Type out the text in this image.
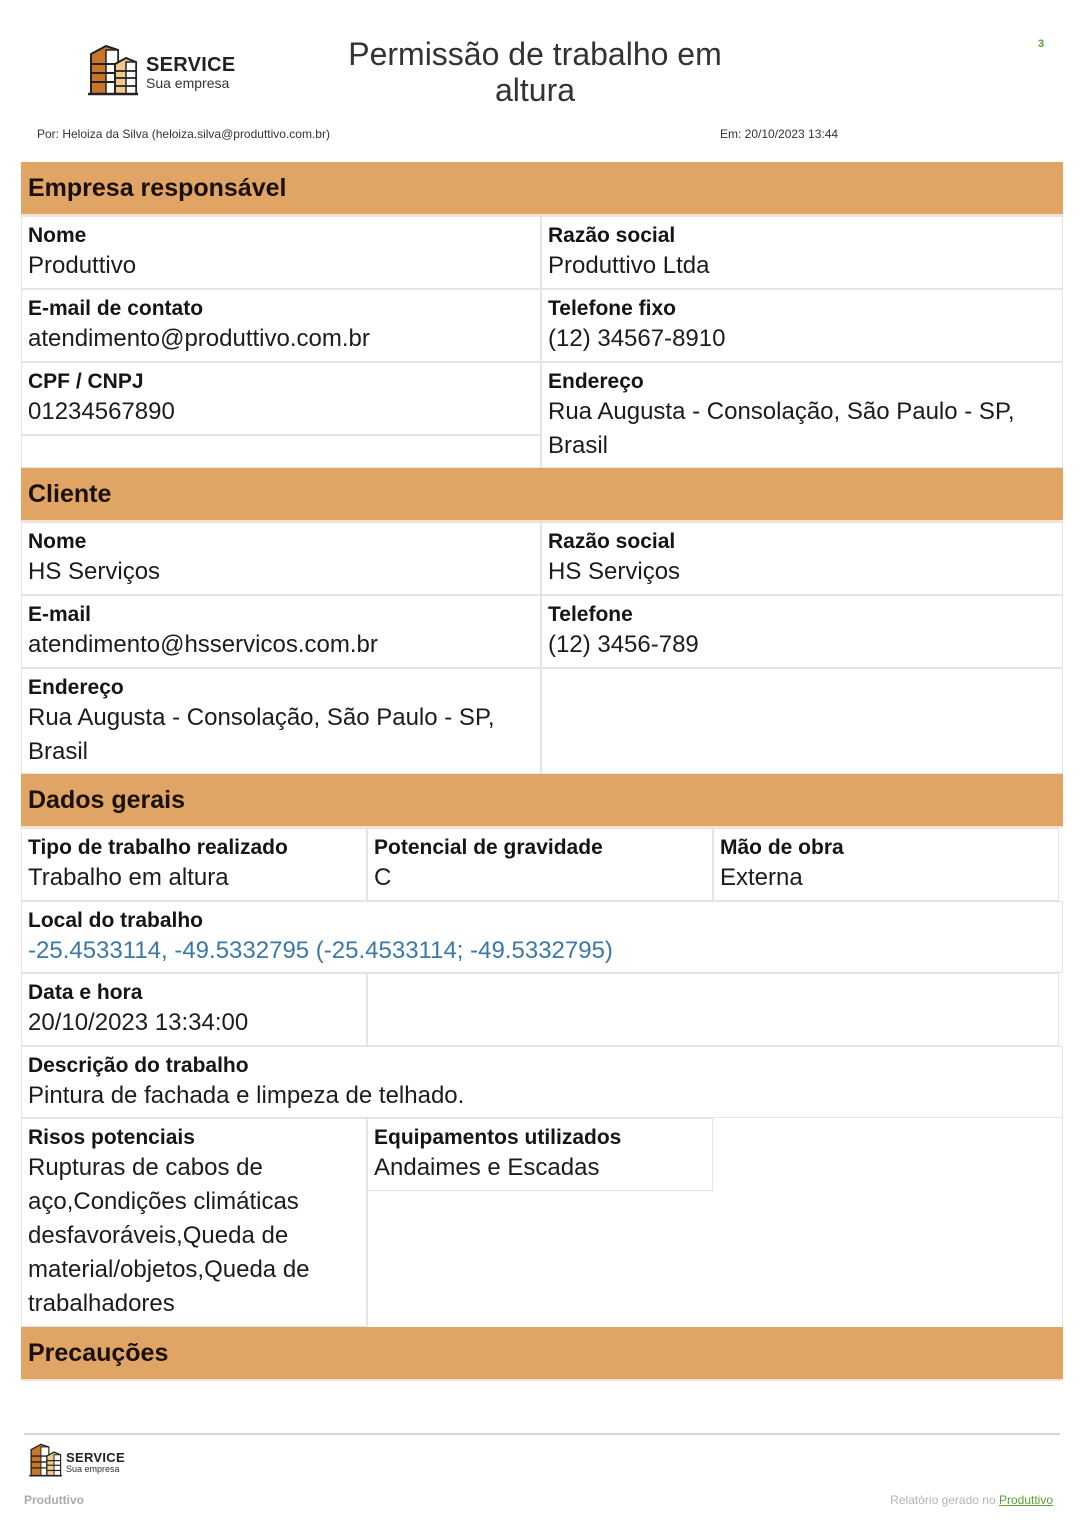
SERVICE
Sua empresa
Permissão de trabalho em altura
3
Por: Heloiza da Silva (heloiza.silva@produttivo.com.br)	Em: 20/10/2023 13:44
Empresa responsável
Nome
Produttivo
Razão social
Produttivo Ltda
E-mail de contato
atendimento@produttivo.com.br
Telefone fixo
(12) 34567-8910
CPF / CNPJ
01234567890
Endereço
Rua Augusta - Consolação, São Paulo - SP, Brasil
Cliente
Nome
HS Serviços
Razão social
HS Serviços
E-mail
atendimento@hsservicos.com.br
Telefone
(12) 3456-789
Endereço
Rua Augusta - Consolação, São Paulo - SP, Brasil
Dados gerais
Tipo de trabalho realizado
Trabalho em altura
Potencial de gravidade
C
Mão de obra
Externa
Local do trabalho
-25.4533114, -49.5332795 (-25.4533114; -49.5332795)
Data e hora
20/10/2023 13:34:00
Descrição do trabalho
Pintura de fachada e limpeza de telhado.
Risos potenciais
Rupturas de cabos de aço,Condições climáticas desfavoráveis,Queda de material/objetos,Queda de trabalhadores
Equipamentos utilizados
Andaimes e Escadas
Precauções
SERVICE
Sua empresa
Produttivo	Relatório gerado no Produttivo
